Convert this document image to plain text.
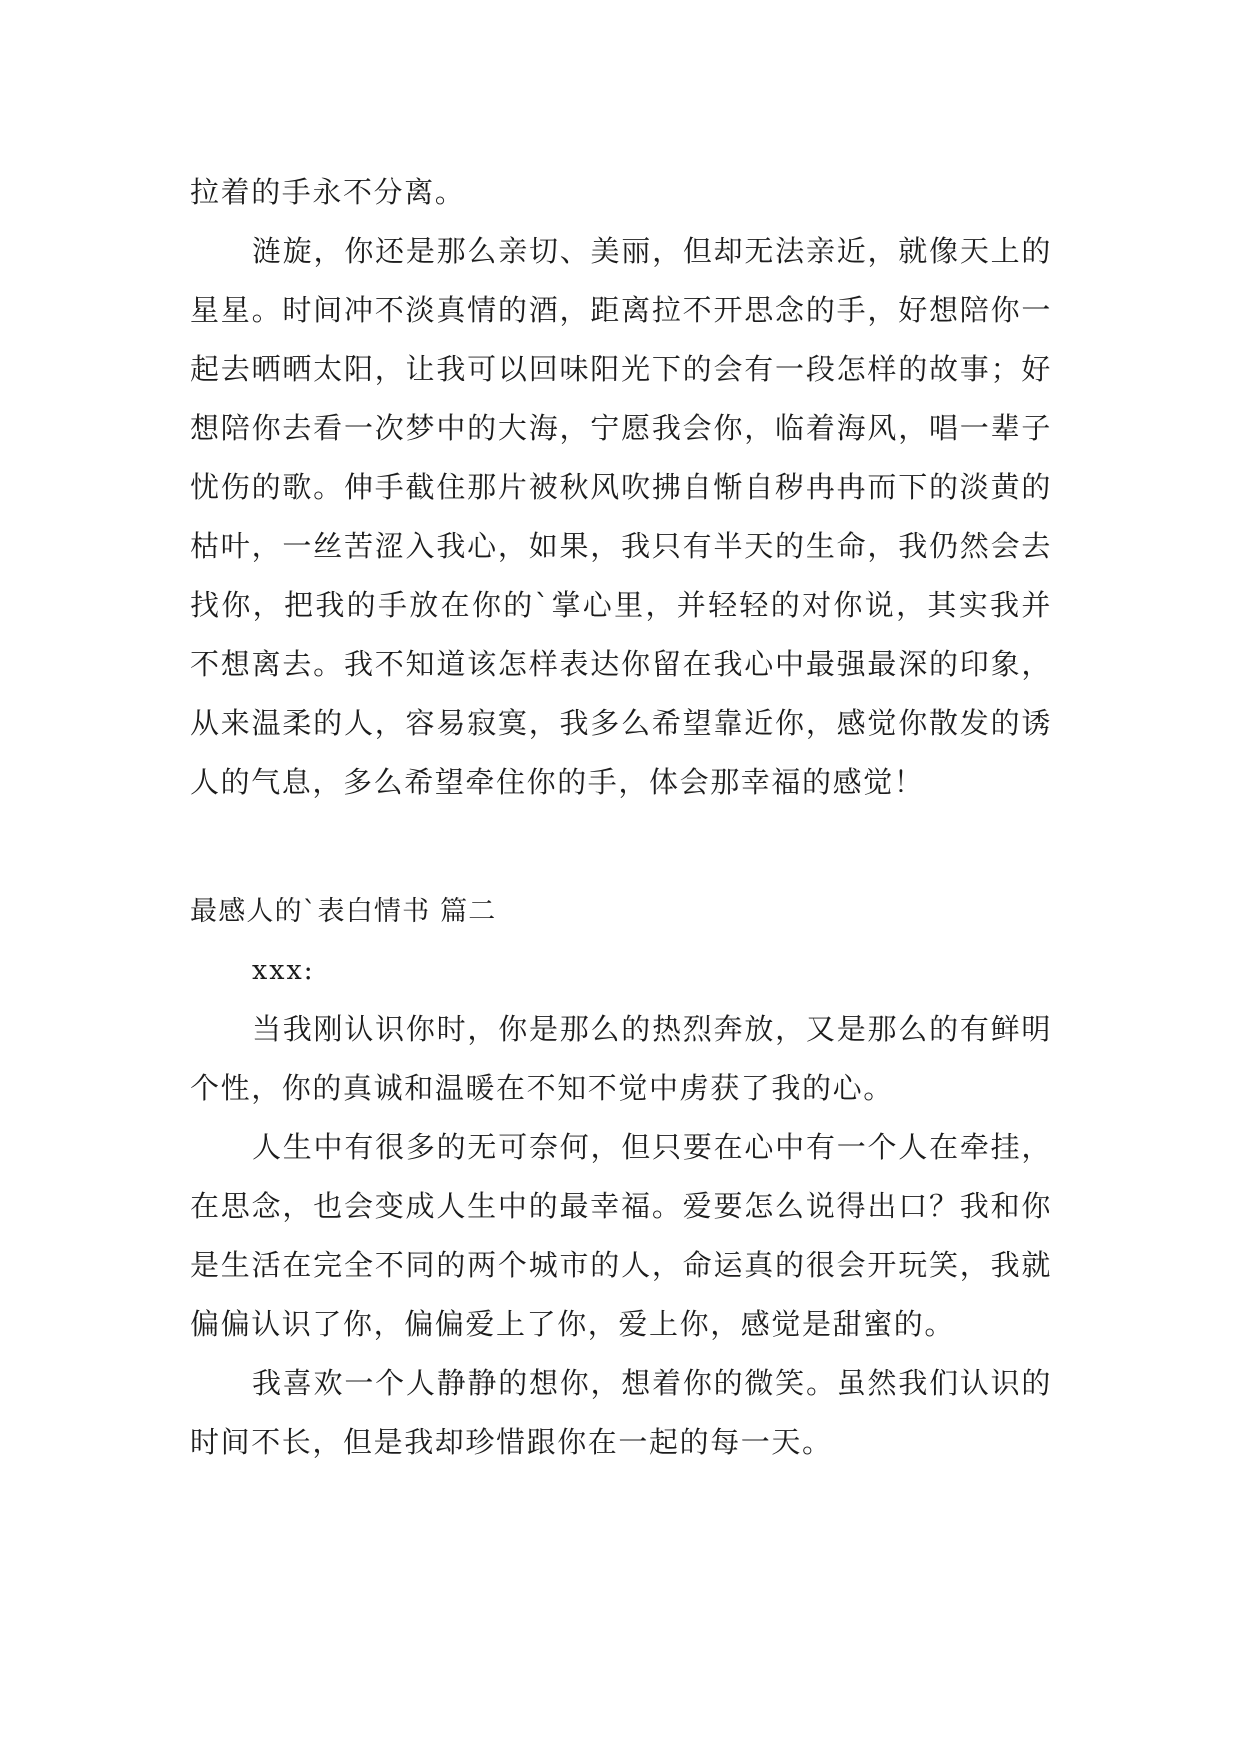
拉着的手永不分离。

涟旋，你还是那么亲切、美丽，但却无法亲近，就像天上的星星。时间冲不淡真情的酒，距离拉不开思念的手，好想陪你一起去晒晒太阳，让我可以回味阳光下的会有一段怎样的故事；好想陪你去看一次梦中的大海，宁愿我会你，临着海风，唱一辈子忧伤的歌。伸手截住那片被秋风吹拂自惭自秽冉冉而下的淡黄的枯叶，一丝苦涩入我心，如果，我只有半天的生命，我仍然会去找你，把我的手放在你的`掌心里，并轻轻的对你说，其实我并不想离去。我不知道该怎样表达你留在我心中最强最深的印象，从来温柔的人，容易寂寞，我多么希望靠近你，感觉你散发的诱人的气息，多么希望牵住你的手，体会那幸福的感觉！

最感人的`表白情书 篇二

xxx:

当我刚认识你时，你是那么的热烈奔放，又是那么的有鲜明个性，你的真诚和温暖在不知不觉中虏获了我的心。

人生中有很多的无可奈何，但只要在心中有一个人在牵挂，在思念，也会变成人生中的最幸福。爱要怎么说得出口？我和你是生活在完全不同的两个城市的人，命运真的很会开玩笑，我就偏偏认识了你，偏偏爱上了你，爱上你，感觉是甜蜜的。

我喜欢一个人静静的想你，想着你的微笑。虽然我们认识的时间不长，但是我却珍惜跟你在一起的每一天。
